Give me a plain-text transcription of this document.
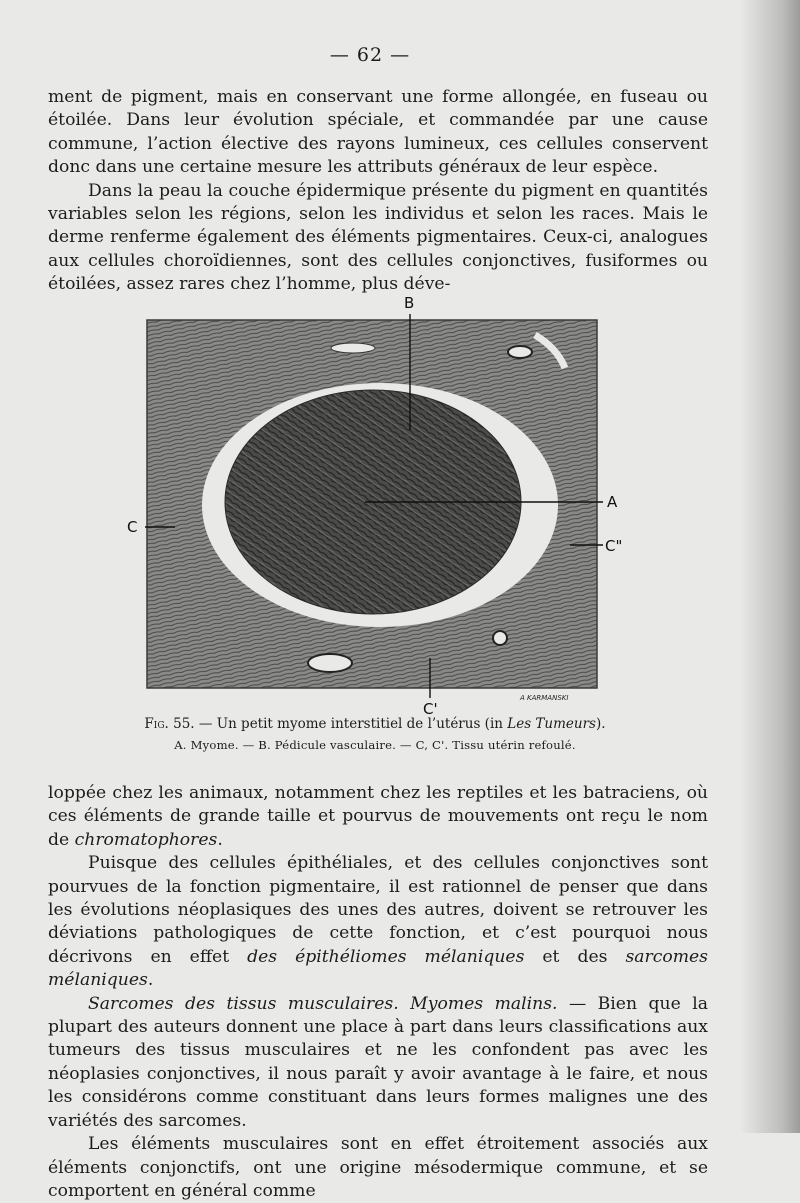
— 62 —

ment de pigment, mais en conservant une forme allongée, en fuseau ou étoilée. Dans leur évolution spéciale, et commandée par une cause commune, l’action élective des rayons lumineux, ces cellules conservent donc dans une certaine mesure les attributs généraux de leur espèce.

Dans la peau la couche épidermique présente du pigment en quantités variables selon les régions, selon les individus et selon les races. Mais le derme renferme également des éléments pigmentaires. Ceux-ci, analogues aux cellules choroïdiennes, sont des cellules conjonctives, fusiformes ou étoilées, assez rares chez l’homme, plus déve-

B
A
C
C"
C'
A KARMANSKI
Fig. 55. — Un petit myome interstitiel de l’utérus (in Les Tumeurs).
A. Myome. — B. Pédicule vasculaire. — C, C'. Tissu utérin refoulé.

loppée chez les animaux, notamment chez les reptiles et les batraciens, où ces éléments de grande taille et pourvus de mouvements ont reçu le nom de chromatophores.

Puisque des cellules épithéliales, et des cellules conjonctives sont pourvues de la fonction pigmentaire, il est rationnel de penser que dans les évolutions néoplasiques des unes des autres, doivent se retrouver les déviations pathologiques de cette fonction, et c’est pourquoi nous décrivons en effet des épithéliomes mélaniques et des sarcomes mélaniques.

Sarcomes des tissus musculaires. Myomes malins. — Bien que la plupart des auteurs donnent une place à part dans leurs classifications aux tumeurs des tissus musculaires et ne les confondent pas avec les néoplasies conjonctives, il nous paraît y avoir avantage à le faire, et nous les considérons comme constituant dans leurs formes malignes une des variétés des sarcomes.

Les éléments musculaires sont en effet étroitement associés aux éléments conjonctifs, ont une origine mésodermique commune, et se comportent en général comme
